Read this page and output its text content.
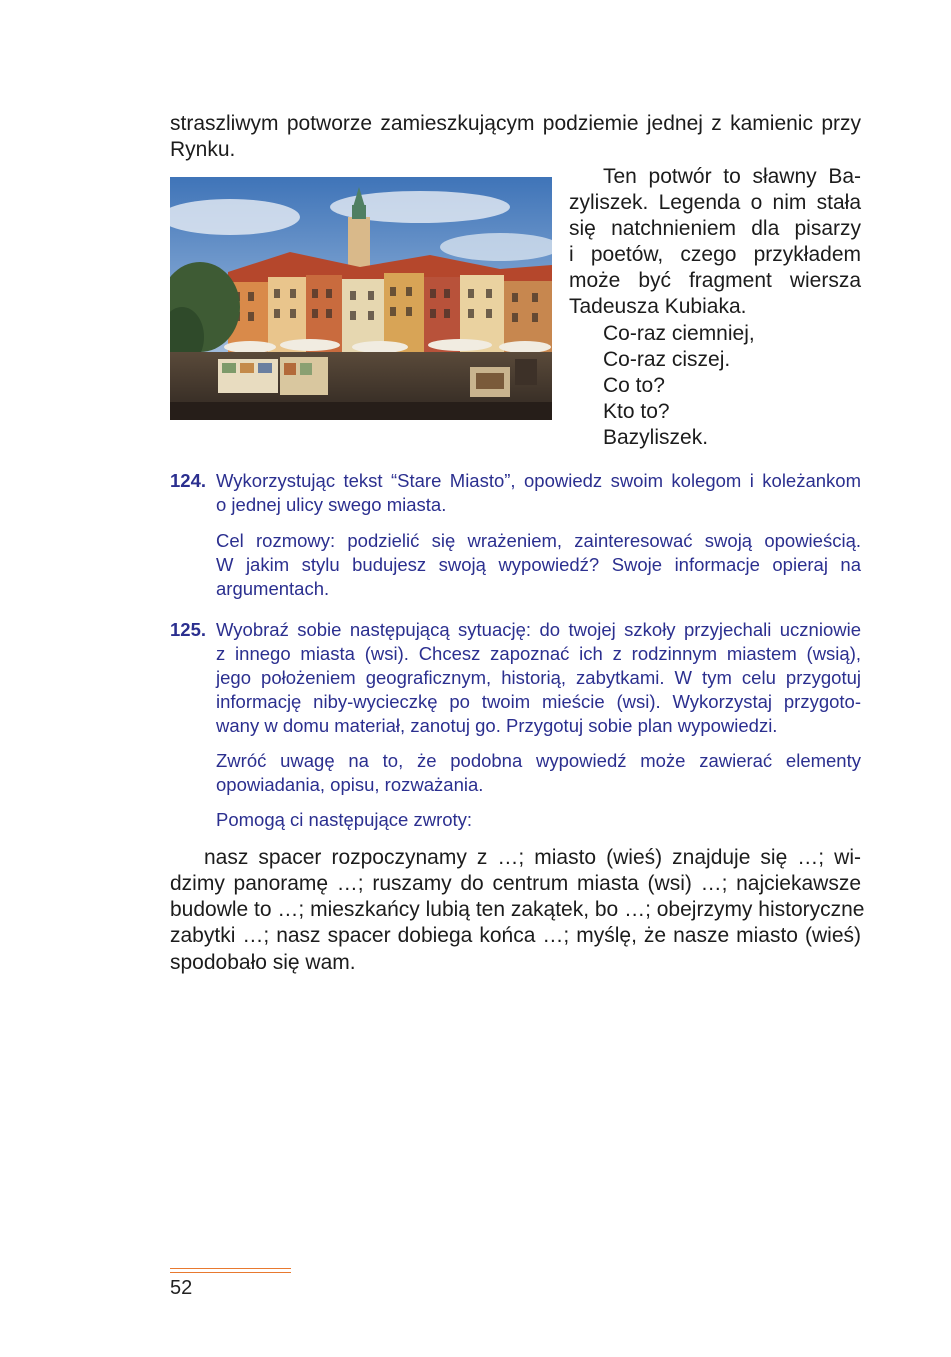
straszliwym potworze zamieszkującym podziemie jednej z kamienic przy
Rynku.
Ten potwór to sławny Ba-
zyliszek. Legenda o nim stała
się natchnieniem dla pisarzy
i poetów, czego przykładem
może być fragment wiersza
Tadeusza Kubiaka.
Co-raz ciemniej,
Co-raz ciszej.
Co to?
Kto to?
Bazyliszek.
124. Wykorzystując tekst “Stare Miasto”, opowiedz swoim kolegom i koleżankom
o jednej ulicy swego miasta.
Cel rozmowy: podzielić się wrażeniem, zainteresować swoją opowieścią.
W jakim stylu budujesz swoją wypowiedź? Swoje informacje opieraj na
argumentach.
125. Wyobraź sobie następującą sytuację: do twojej szkoły przyjechali uczniowie
z innego miasta (wsi). Chcesz zapoznać ich z rodzinnym miastem (wsią),
jego położeniem geograficznym, historią, zabytkami. W tym celu przygotuj
informację niby-wycieczkę po twoim mieście (wsi). Wykorzystaj przygoto-
wany w domu materiał, zanotuj go. Przygotuj sobie plan wypowiedzi.
Zwróć uwagę na to, że podobna wypowiedź może zawierać elementy
opowiadania, opisu, rozważania.
Pomogą ci następujące zwroty:
nasz spacer rozpoczynamy z …; miasto (wieś) znajduje się …; wi-
dzimy panoramę …; ruszamy do centrum miasta (wsi) …; najciekawsze
budowle to …; mieszkańcy lubią ten zakątek, bo …; obejrzymy historyczne
zabytki …; nasz spacer dobiega końca …; myślę, że nasze miasto (wieś)
spodobało się wam.
52
